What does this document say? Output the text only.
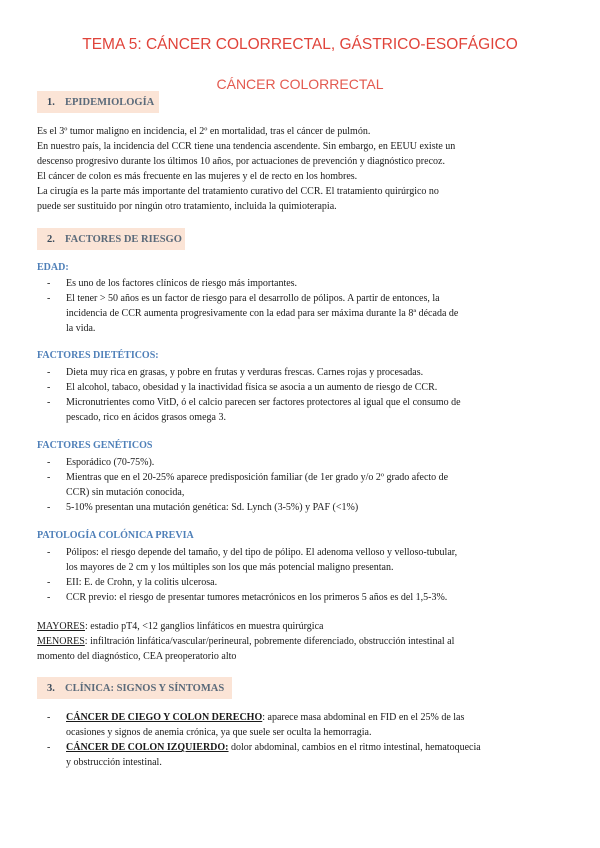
TEMA 5: CÁNCER COLORRECTAL, GÁSTRICO-ESOFÁGICO
CÁNCER COLORRECTAL
1. EPIDEMIOLOGÍA
Es el 3º tumor maligno en incidencia, el 2º en mortalidad, tras el cáncer de pulmón.
En nuestro país, la incidencia del CCR tiene una tendencia ascendente. Sin embargo, en EEUU existe un
descenso progresivo durante los últimos 10 años, por actuaciones de prevención y diagnóstico precoz.
El cáncer de colon es más frecuente en las mujeres y el de recto en los hombres.
La cirugía es la parte más importante del tratamiento curativo del CCR. El tratamiento quirúrgico no
puede ser sustituido por ningún otro tratamiento, incluida la quimioterapia.
2. FACTORES DE RIESGO

EDAD:

- Es uno de los factores clínicos de riesgo más importantes.
- El tener > 50 años es un factor de riesgo para el desarrollo de pólipos. A partir de entonces, la
incidencia de CCR aumenta progresivamente con la edad para ser máxima durante la 8ª década de
la vida.

FACTORES DIETÉTICOS:

- Dieta muy rica en grasas, y pobre en frutas y verduras frescas. Carnes rojas y procesadas.
- El alcohol, tabaco, obesidad y la inactividad física se asocia a un aumento de riesgo de CCR.
- Micronutrientes como VitD, ó el calcio parecen ser factores protectores al igual que el consumo de
pescado, rico en ácidos grasos omega 3.

FACTORES GENÉTICOS

- Esporádico (70-75%).
- Mientras que en el 20-25% aparece predisposición familiar (de 1er grado y/o 2º grado afecto de
CCR) sin mutación conocida,
- 5-10% presentan una mutación genética: Sd. Lynch (3-5%) y PAF (<1%)

PATOLOGÍA COLÓNICA PREVIA

- Pólipos: el riesgo depende del tamaño, y del tipo de pólipo. El adenoma velloso y velloso-tubular,
los mayores de 2 cm y los múltiples son los que más potencial maligno presentan.
- EII: E. de Crohn, y la colitis ulcerosa.
- CCR previo: el riesgo de presentar tumores metacrónicos en los primeros 5 años es del 1,5-3%.
MAYORES: estadio pT4, <12 ganglios linfáticos en muestra quirúrgica
MENORES: infiltración linfática/vascular/perineural, pobremente diferenciado, obstrucción intestinal al
momento del diagnóstico, CEA preoperatorio alto
3. CLÍNICA: SIGNOS Y SÍNTOMAS
- CÁNCER DE CIEGO Y COLON DERECHO: aparece masa abdominal en FID en el 25% de las
ocasiones y signos de anemia crónica, ya que suele ser oculta la hemorragia.
- CÁNCER DE COLON IZQUIERDO: dolor abdominal, cambios en el ritmo intestinal, hematoquecia
y obstrucción intestinal.
